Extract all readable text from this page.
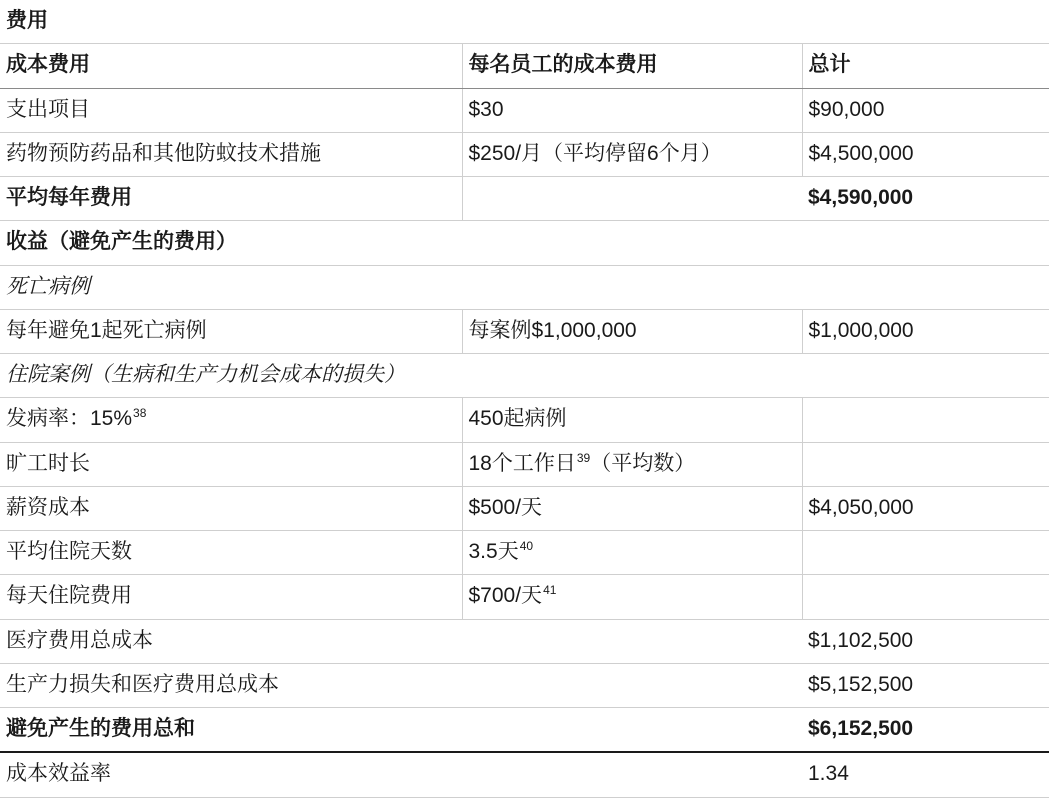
费用		
成本费用	每名员工的成本费用	总计
支出项目	$30	$90,000
药物预防药品和其他防蚊技术措施	$250/月（平均停留6个月）	$4,500,000
平均每年费用		$4,590,000
收益（避免产生的费用）		
死亡病例		
每年避免1起死亡病例	每案例$1,000,000	$1,000,000
住院案例（生病和生产力机会成本的损失）		
发病率：15%$^{38}$	450起病例	
旷工时长	18个工作日$^{39}$（平均数）	
薪资成本	$500/天	$4,050,000
平均住院天数	3.5天$^{40}$	
每天住院费用	$700/天$^{41}$	
医疗费用总成本		$1,102,500
生产力损失和医疗费用总成本		$5,152,500
避免产生的费用总和		$6,152,500
成本效益率		1.34
